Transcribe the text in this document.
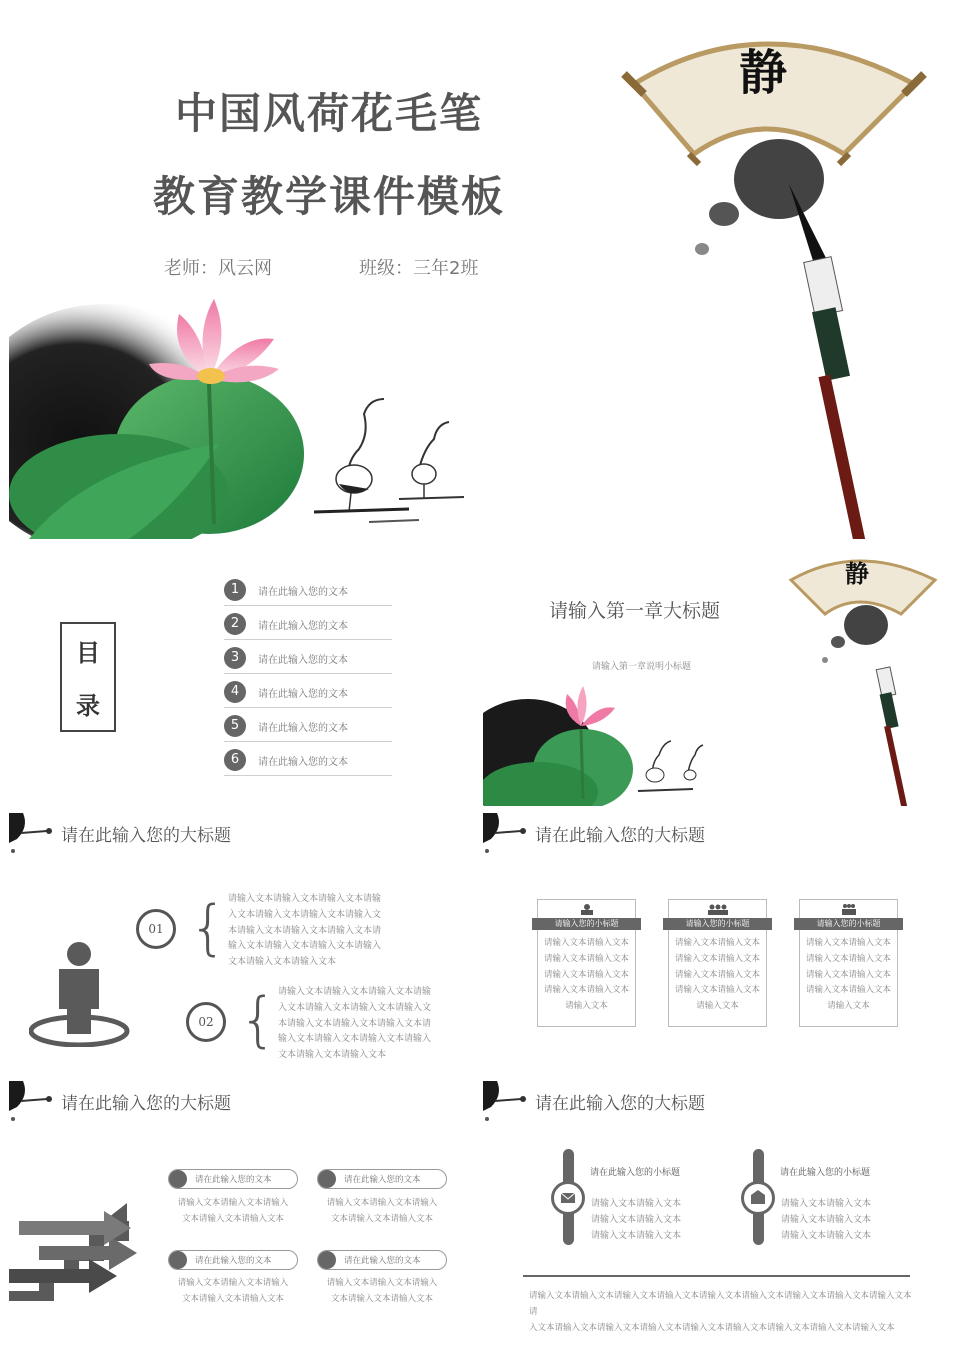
中国风荷花毛笔
教育教学课件模板
老师：风云网	班级：三年2班
静
目
录
1	请在此输入您的文本
2	请在此输入您的文本
3	请在此输入您的文本
4	请在此输入您的文本
5	请在此输入您的文本
6	请在此输入您的文本
请输入第一章大标题
请输入第一章说明小标题
静
请在此输入您的大标题
01 { 请输入文本请输入文本请输入文本请输
入文本请输入文本请输入文本请输入文
本请输入文本请输入文本请输入文本请
输入文本请输入文本请输入文本请输入
文本请输入文本请输入文本
02 { 请输入文本请输入文本请输入文本请输
入文本请输入文本请输入文本请输入文
本请输入文本请输入文本请输入文本请
输入文本请输入文本请输入文本请输入
文本请输入文本请输入文本
请在此输入您的大标题
请输入您的小标题
请输入文本请输入文本
请输入文本请输入文本
请输入文本请输入文本
请输入文本请输入文本
请输入文本
请输入您的小标题
请输入文本请输入文本
请输入文本请输入文本
请输入文本请输入文本
请输入文本请输入文本
请输入文本
请输入您的小标题
请输入文本请输入文本
请输入文本请输入文本
请输入文本请输入文本
请输入文本请输入文本
请输入文本
请在此输入您的大标题
请在此输入您的文本
请输入文本请输入文本请输入
文本请输入文本请输入文本
请在此输入您的文本
请输入文本请输入文本请输入
文本请输入文本请输入文本
请在此输入您的文本
请输入文本请输入文本请输入
文本请输入文本请输入文本
请在此输入您的文本
请输入文本请输入文本请输入
文本请输入文本请输入文本
请在此输入您的大标题
请在此输入您的小标题
请输入文本请输入文本
请输入文本请输入文本
请输入文本请输入文本
请在此输入您的小标题
请输入文本请输入文本
请输入文本请输入文本
请输入文本请输入文本
请输入文本请输入文本请输入文本请输入文本请输入文本请输入文本请输入文本请输入文本请输入文本请
入文本请输入文本请输入文本请输入文本请输入文本请输入文本请输入文本请输入文本请输入文本
